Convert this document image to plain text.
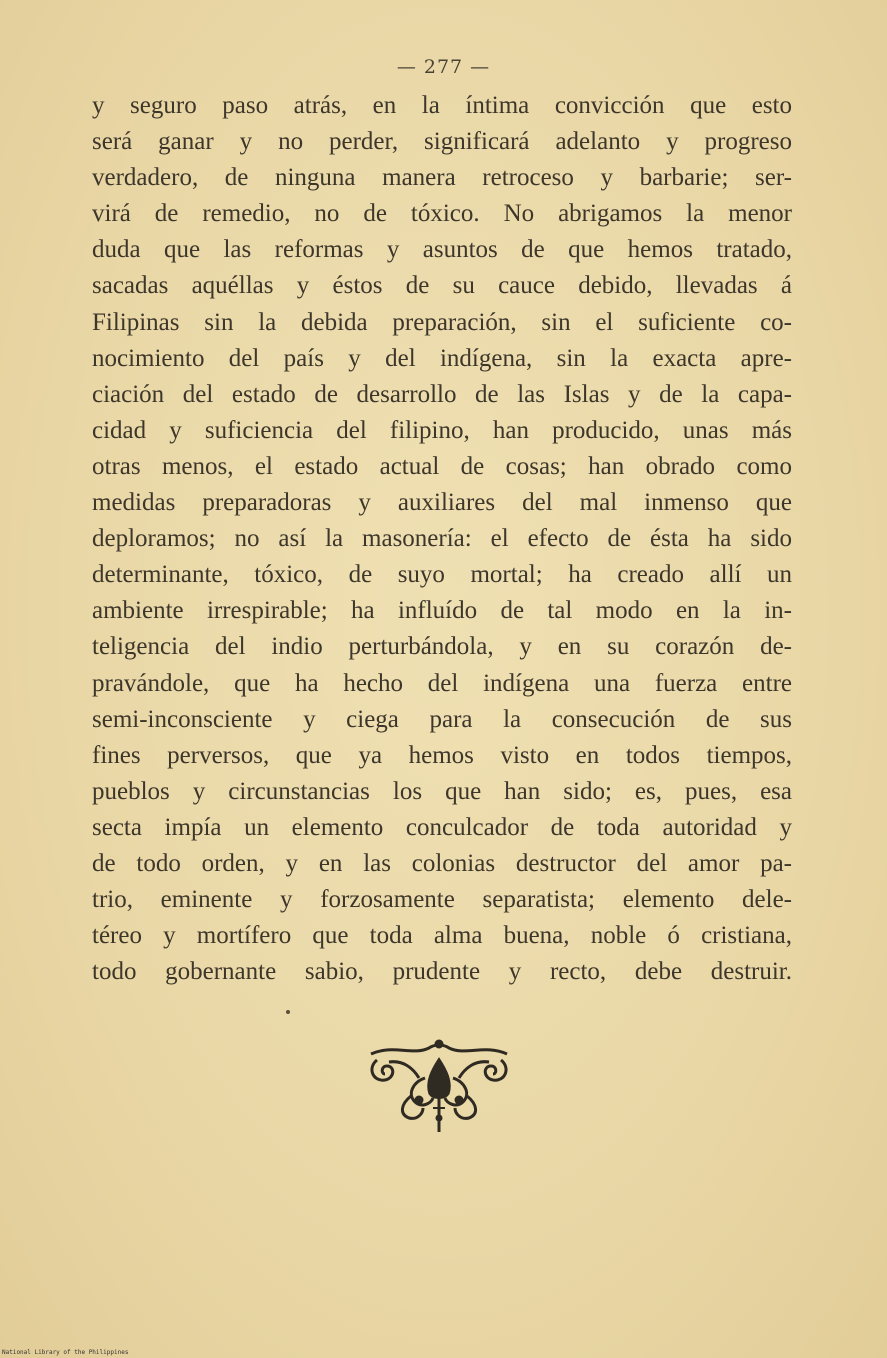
— 277 —
y seguro paso atrás, en la íntima convicción que esto
será ganar y no perder, significará adelanto y progreso
verdadero, de ninguna manera retroceso y barbarie; ser-
virá de remedio, no de tóxico. No abrigamos la menor
duda que las reformas y asuntos de que hemos tratado,
sacadas aquéllas y éstos de su cauce debido, llevadas á
Filipinas sin la debida preparación, sin el suficiente co-
nocimiento del país y del indígena, sin la exacta apre-
ciación del estado de desarrollo de las Islas y de la capa-
cidad y suficiencia del filipino, han producido, unas más
otras menos, el estado actual de cosas; han obrado como
medidas preparadoras y auxiliares del mal inmenso que
deploramos; no así la masonería: el efecto de ésta ha sido
determinante, tóxico, de suyo mortal; ha creado allí un
ambiente irrespirable; ha influído de tal modo en la in-
teligencia del indio perturbándola, y en su corazón de-
pravándole, que ha hecho del indígena una fuerza entre
semi-inconsciente y ciega para la consecución de sus
fines perversos, que ya hemos visto en todos tiempos,
pueblos y circunstancias los que han sido; es, pues, esa
secta impía un elemento conculcador de toda autoridad y
de todo orden, y en las colonias destructor del amor pa-
trio, eminente y forzosamente separatista; elemento dele-
téreo y mortífero que toda alma buena, noble ó cristiana,
todo gobernante sabio, prudente y recto, debe destruir.
National Library of the Philippines
